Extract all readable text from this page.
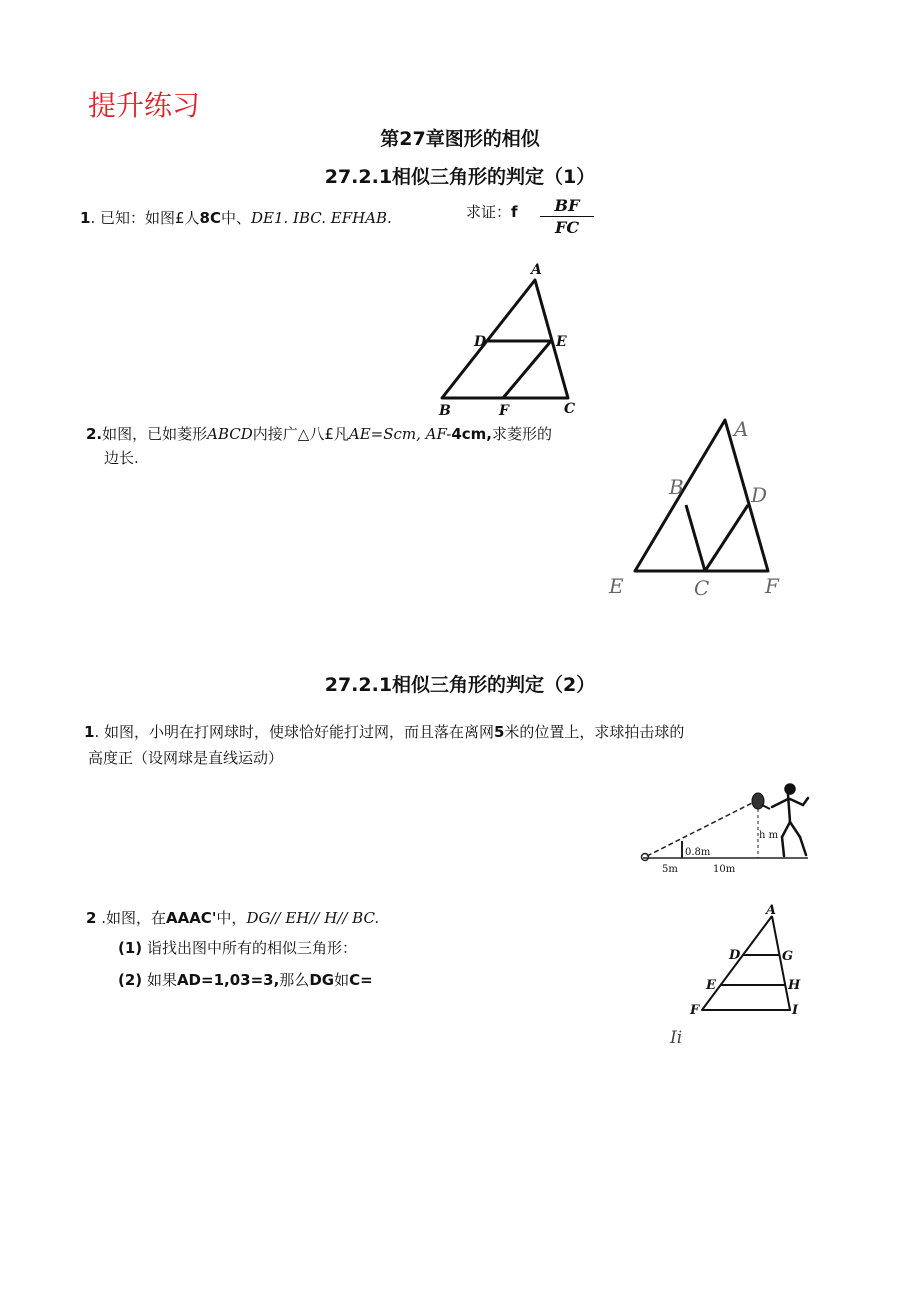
提升练习
第27章图形的相似
27.2.1相似三角形的判定（1）
1. 已知：如图£人8C中、DE1. IBC. EFHAB.	求证：f $\frac{BF}{FC}$
A
D	E
B	F	C
2.如图，已如菱形ABCD内接广△八£凡AE=Scm, AF-4cm,求菱形的
边长.
A
B	D
E	C	F
27.2.1相似三角形的判定（2）
1. 如图，小明在打网球时，使球恰好能打过网，而且落在离网5米的位置上，求球拍击球的
高度正（设网球是直线运动）
0.8m
h m
5m	10m
2 .如图，在AAAC'中，DG// EH// H// BC.
(1) 诣找出图中所有的相似三角形：
(2) 如果AD=1,03=3,那么DG如C=
A
D	G
E	H
F	I
Ii
